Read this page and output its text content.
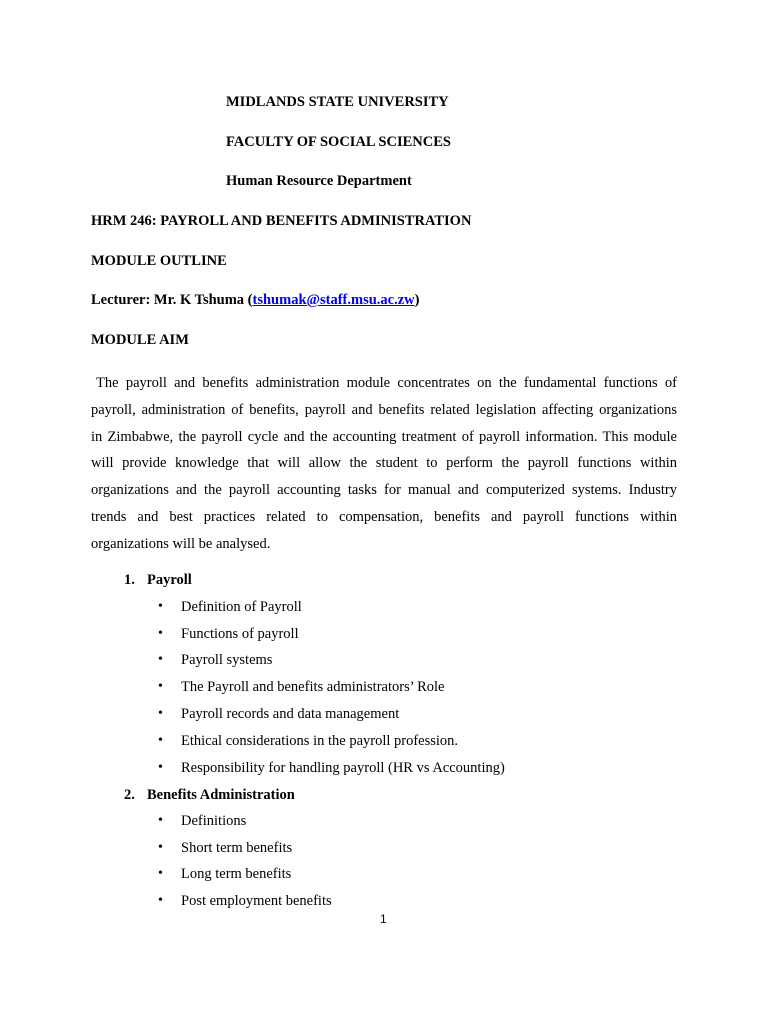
MIDLANDS STATE UNIVERSITY
FACULTY OF SOCIAL SCIENCES
Human Resource Department
HRM 246: PAYROLL AND BENEFITS ADMINISTRATION
MODULE OUTLINE
Lecturer: Mr. K Tshuma (tshumak@staff.msu.ac.zw)
MODULE AIM
The payroll and benefits administration module concentrates on the fundamental functions of
payroll, administration of benefits, payroll and benefits related legislation affecting organizations
in Zimbabwe, the payroll cycle and the accounting treatment of payroll information. This module
will provide knowledge that will allow the student to perform the payroll functions within
organizations and the payroll accounting tasks for manual and computerized systems. Industry
trends and best practices related to compensation, benefits and payroll functions within
organizations will be analysed.
1. Payroll
• Definition of Payroll
• Functions of payroll
• Payroll systems
• The Payroll and benefits administrators’ Role
• Payroll records and data management
• Ethical considerations in the payroll profession.
• Responsibility for handling payroll (HR vs Accounting)
2. Benefits Administration
• Definitions
• Short term benefits
• Long term benefits
• Post employment benefits
1
